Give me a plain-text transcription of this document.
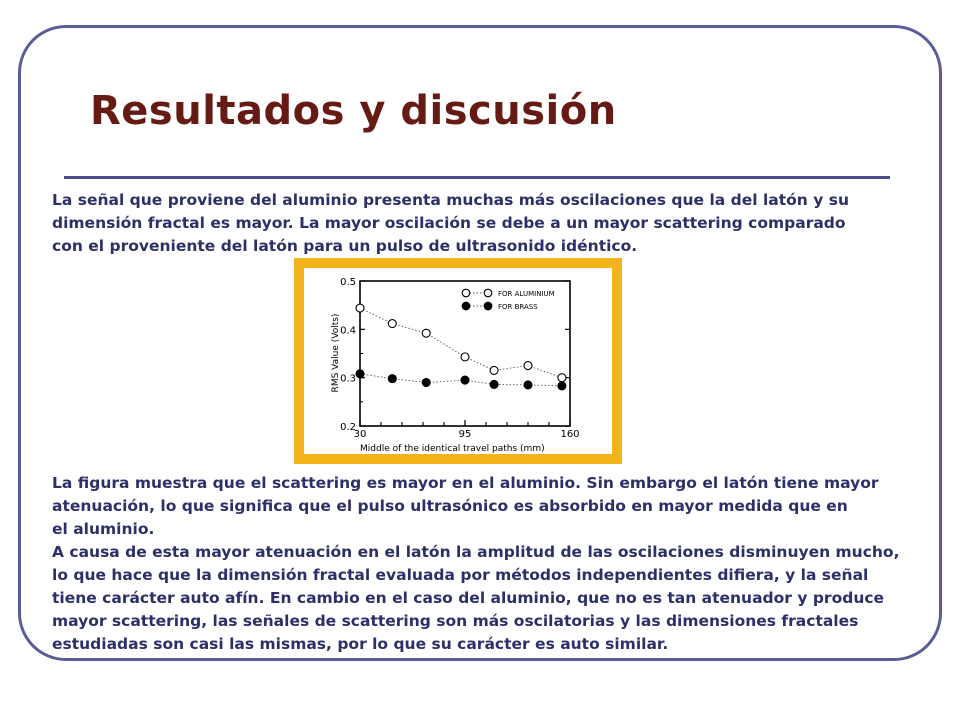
Resultados y discusión

La señal que proviene del aluminio presenta muchas más oscilaciones que la del latón y su
dimensión fractal es mayor. La mayor oscilación se debe a un mayor scattering comparado
con el proveniente del latón para un pulso de ultrasonido idéntico.

0.2
0.3
0.4
0.5
30	95	160
FOR ALUMINIUM
FOR BRASS
RMS Value (Volts)
Middle of the identical travel paths (mm)

La figura muestra que el scattering es mayor en el aluminio. Sin embargo el latón tiene mayor
atenuación, lo que significa que el pulso ultrasónico es absorbido en mayor medida que en
el aluminio.
A causa de esta mayor atenuación en el latón la amplitud de las oscilaciones disminuyen mucho,
lo que hace que la dimensión fractal evaluada por métodos independientes difiera, y la señal
tiene carácter auto afín. En cambio en el caso del aluminio, que no es tan atenuador y produce
mayor scattering, las señales de scattering son más oscilatorias y las dimensiones fractales
estudiadas son casi las mismas, por lo que su carácter es auto similar.
